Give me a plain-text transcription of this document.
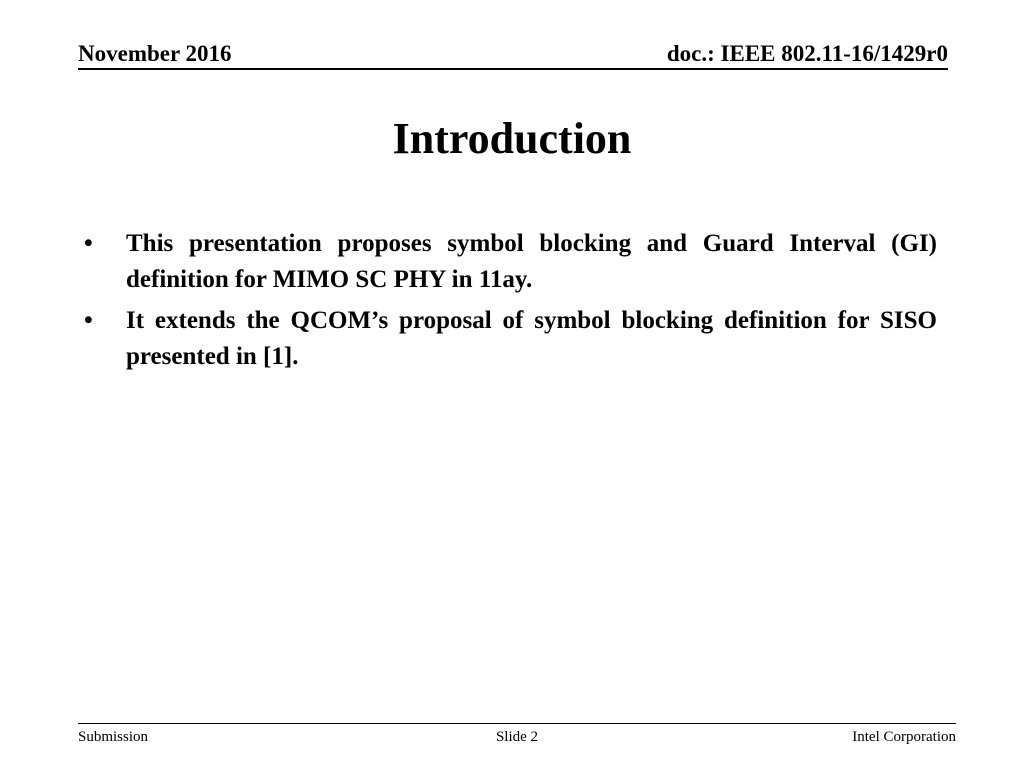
November 2016	doc.: IEEE 802.11-16/1429r0
Introduction
•	This presentation proposes symbol blocking and Guard Interval (GI) definition for MIMO SC PHY in 11ay.
•	It extends the QCOM’s proposal of symbol blocking definition for SISO presented in [1].
Submission	Slide 2	Intel Corporation
